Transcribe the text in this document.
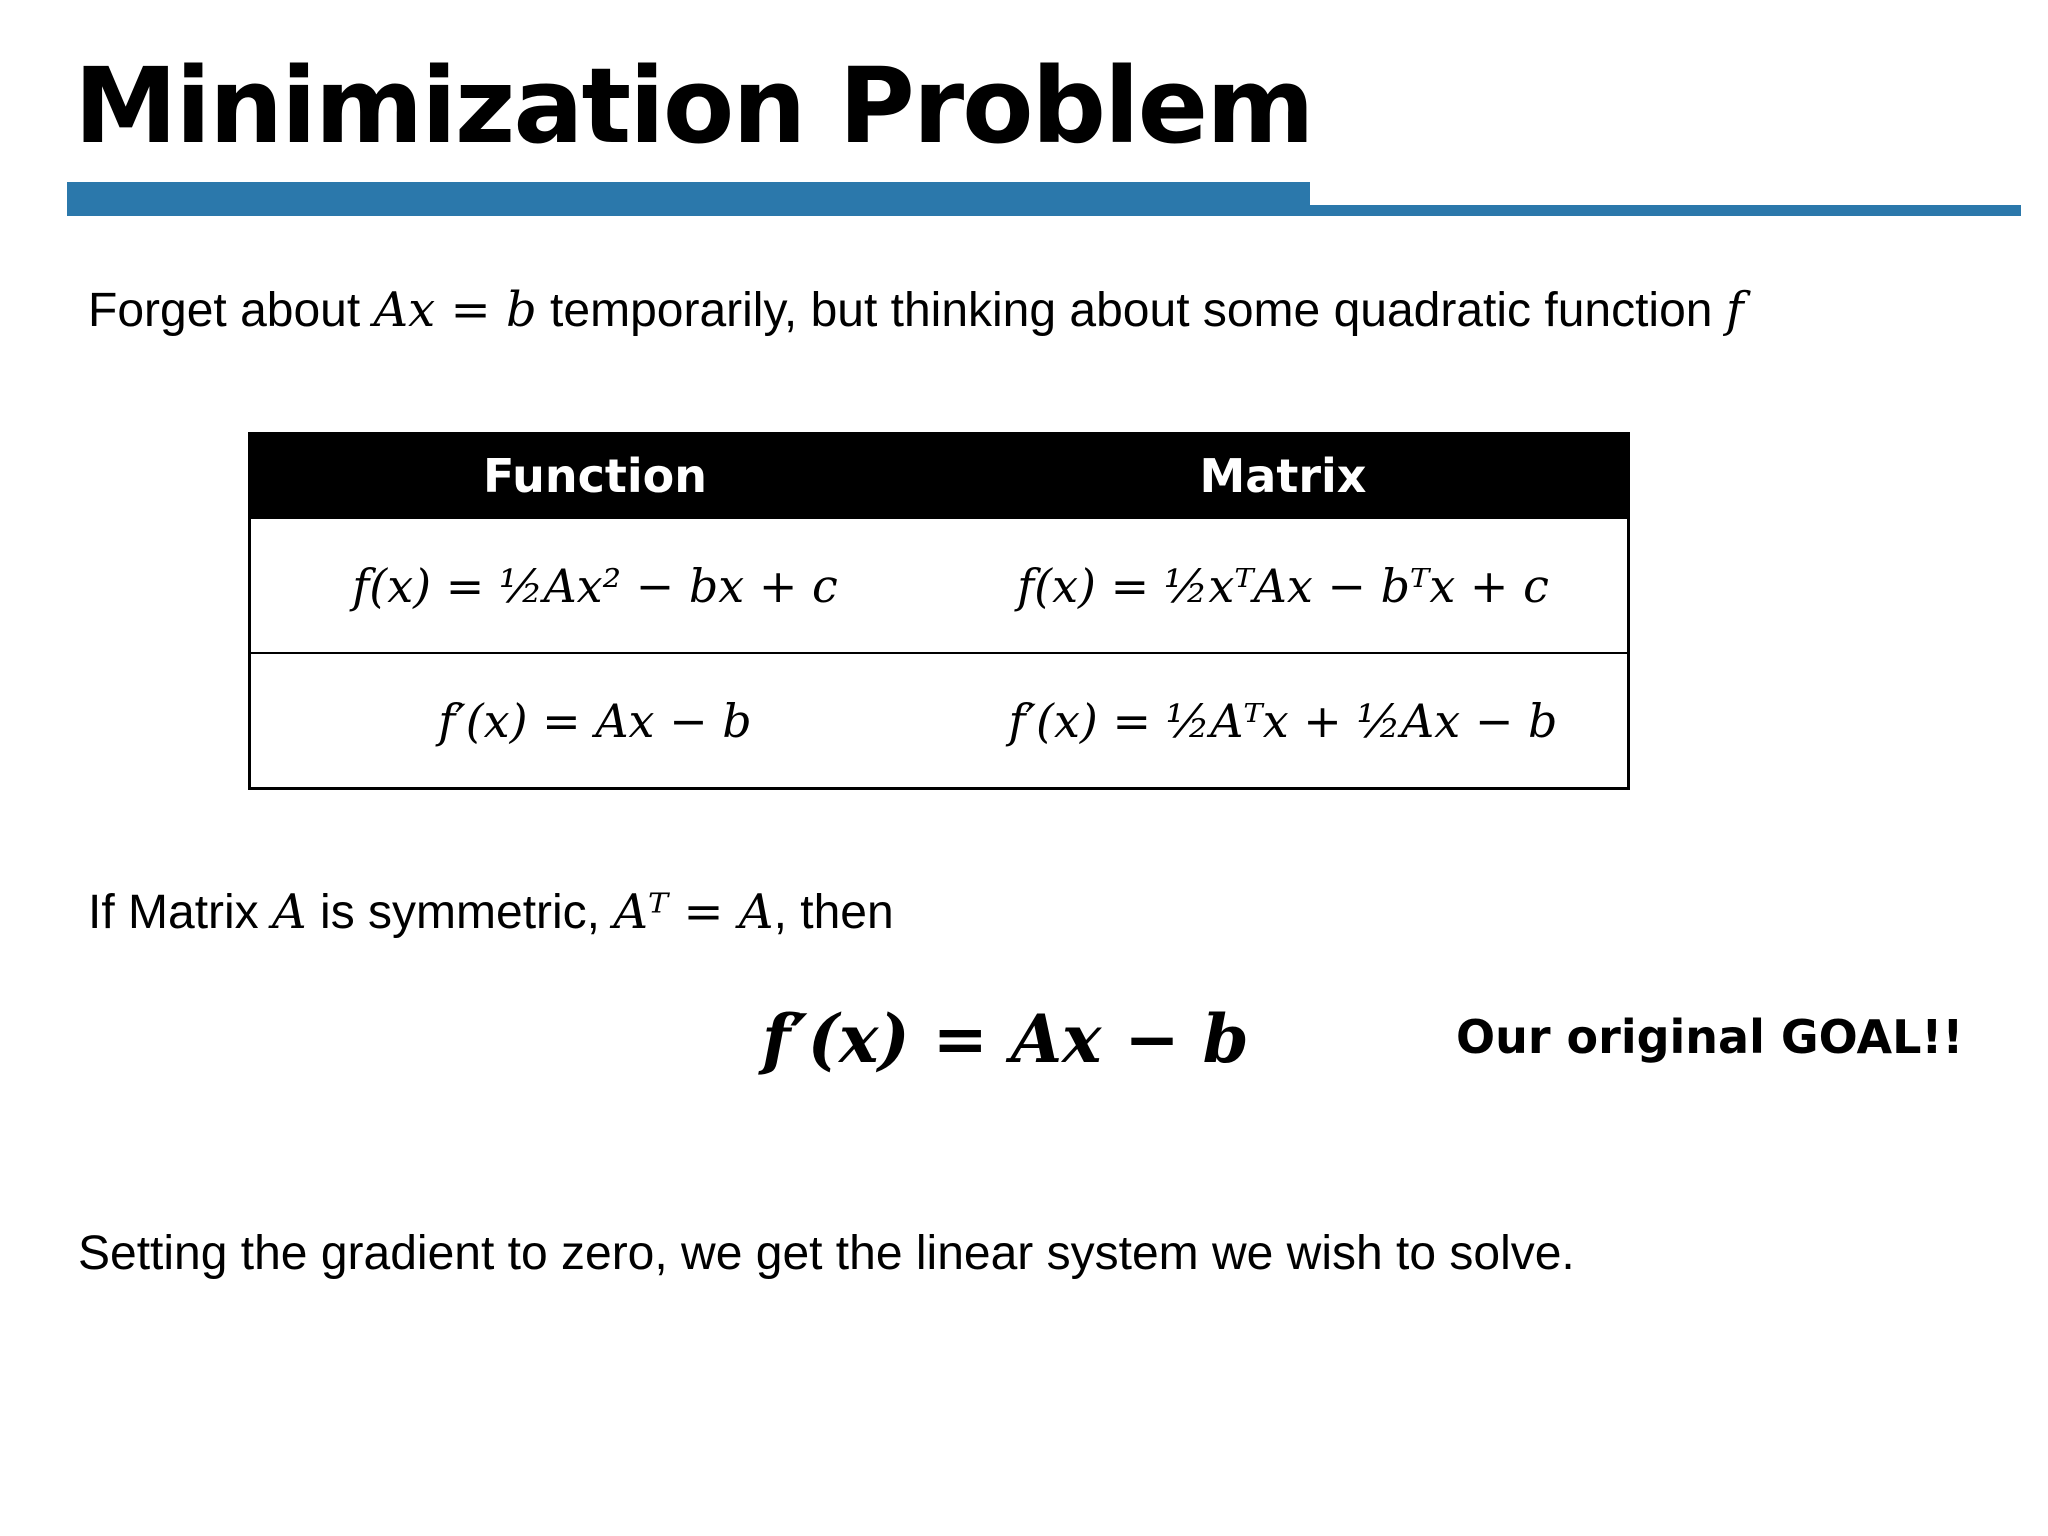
Minimization Problem
Forget about Ax = b temporarily, but thinking about some quadratic function f
Function	Matrix
f(x) = ½Ax² − bx + c	f(x) = ½xᵀAx − bᵀx + c
f′(x) = Ax − b	f′(x) = ½Aᵀx + ½Ax − b
If Matrix A is symmetric, Aᵀ = A, then
f′(x) = Ax − b	Our original GOAL!!
Setting the gradient to zero, we get the linear system we wish to solve.
